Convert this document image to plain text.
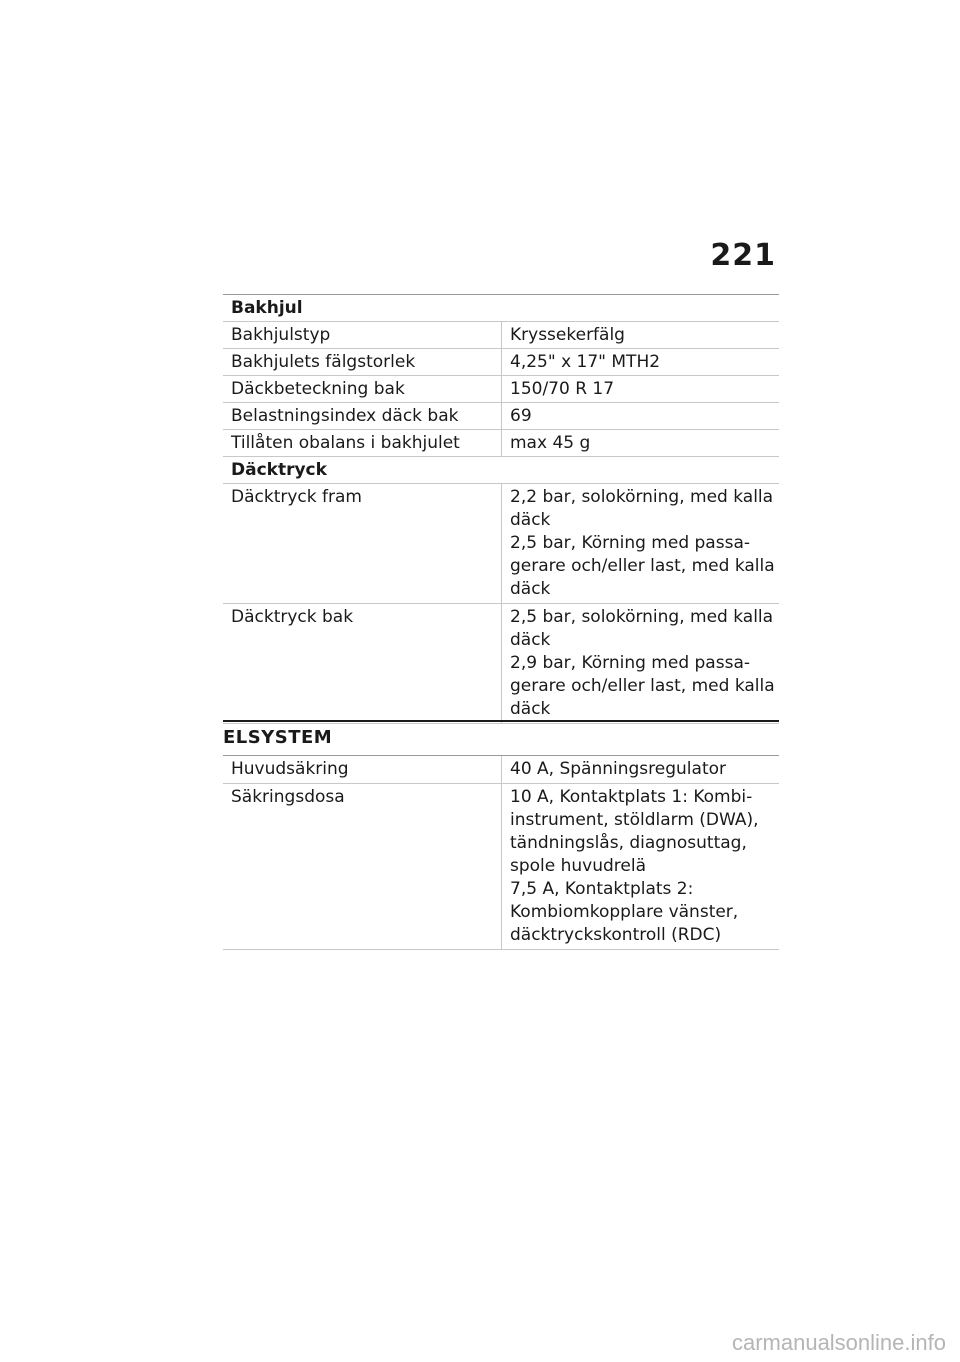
221
Bakhjul
Bakhjulstyp	Kryssekerfälg
Bakhjulets fälgstorlek	4,25" x 17" MTH2
Däckbeteckning bak	150/70 R 17
Belastningsindex däck bak	69
Tillåten obalans i bakhjulet	max 45 g
Däcktryck
Däcktryck fram	2,2 bar, solokörning, med kalla
däck
2,5 bar, Körning med passa-
gerare och/eller last, med kalla
däck
Däcktryck bak	2,5 bar, solokörning, med kalla
däck
2,9 bar, Körning med passa-
gerare och/eller last, med kalla
däck
ELSYSTEM
Huvudsäkring	40 A, Spänningsregulator
Säkringsdosa	10 A, Kontaktplats 1: Kombi-
instrument, stöldlarm (DWA),
tändningslås, diagnosuttag,
spole huvudrelä
7,5 A, Kontaktplats 2:
Kombiomkopplare vänster,
däcktryckskontroll (RDC)
carmanualsonline.info
